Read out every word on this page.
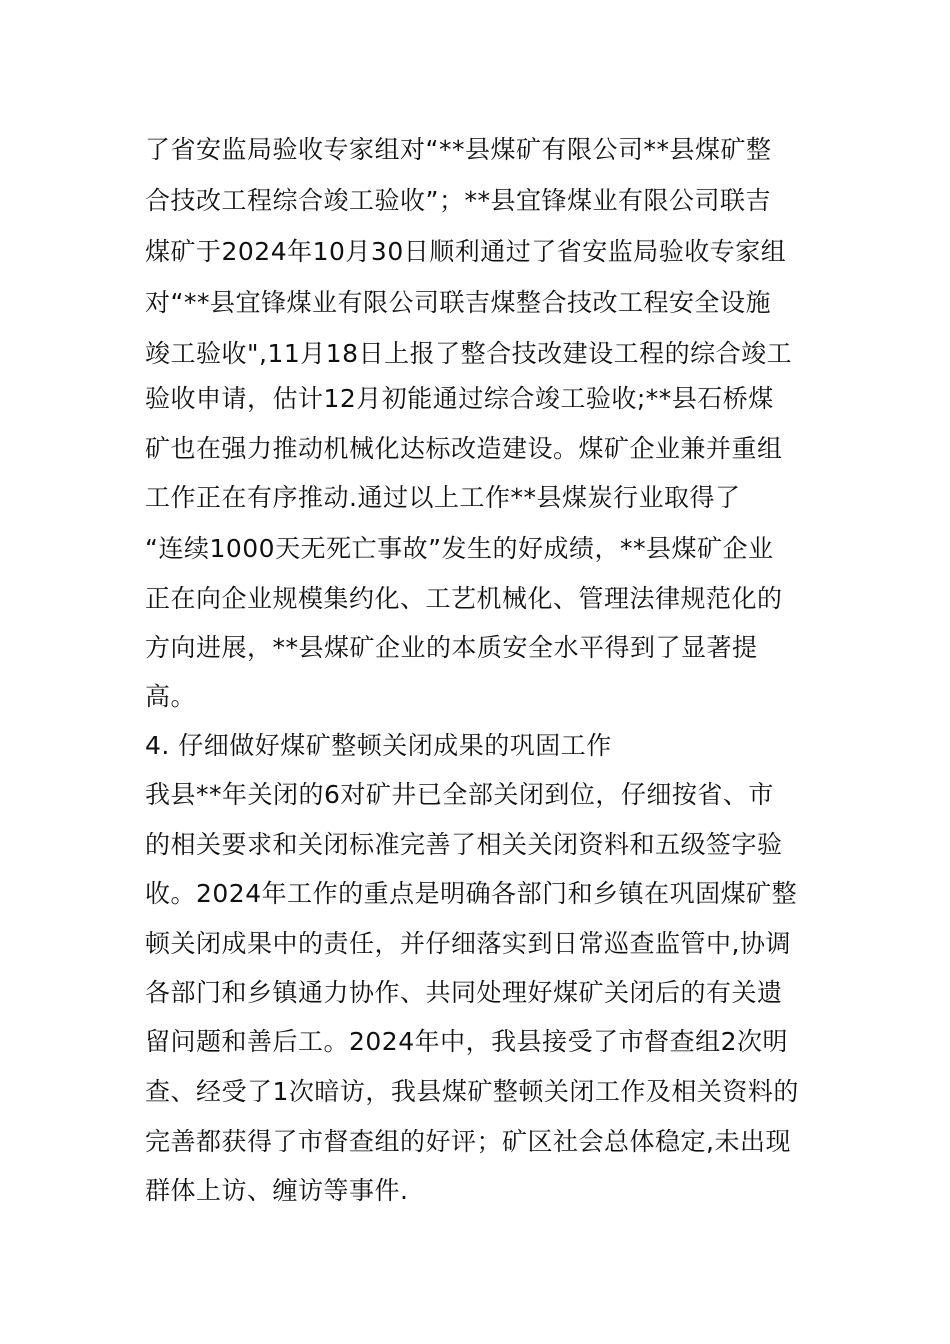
了省安监局验收专家组对“**县煤矿有限公司**县煤矿整
合技改工程综合竣工验收”；**县宜锋煤业有限公司联吉
煤矿于2024年10月30日顺利通过了省安监局验收专家组
对“**县宜锋煤业有限公司联吉煤整合技改工程安全设施
竣工验收",11月18日上报了整合技改建设工程的综合竣工
验收申请，估计12月初能通过综合竣工验收;**县石桥煤
矿也在强力推动机械化达标改造建设。煤矿企业兼并重组
工作正在有序推动.通过以上工作**县煤炭行业取得了
“连续1000天无死亡事故”发生的好成绩，**县煤矿企业
正在向企业规模集约化、工艺机械化、管理法律规范化的
方向进展，**县煤矿企业的本质安全水平得到了显著提
高。
4. 仔细做好煤矿整顿关闭成果的巩固工作
我县**年关闭的6对矿井已全部关闭到位，仔细按省、市
的相关要求和关闭标准完善了相关关闭资料和五级签字验
收。2024年工作的重点是明确各部门和乡镇在巩固煤矿整
顿关闭成果中的责任，并仔细落实到日常巡查监管中,协调
各部门和乡镇通力协作、共同处理好煤矿关闭后的有关遗
留问题和善后工。2024年中，我县接受了市督查组2次明
查、经受了1次暗访，我县煤矿整顿关闭工作及相关资料的
完善都获得了市督查组的好评；矿区社会总体稳定,未出现
群体上访、缠访等事件.
